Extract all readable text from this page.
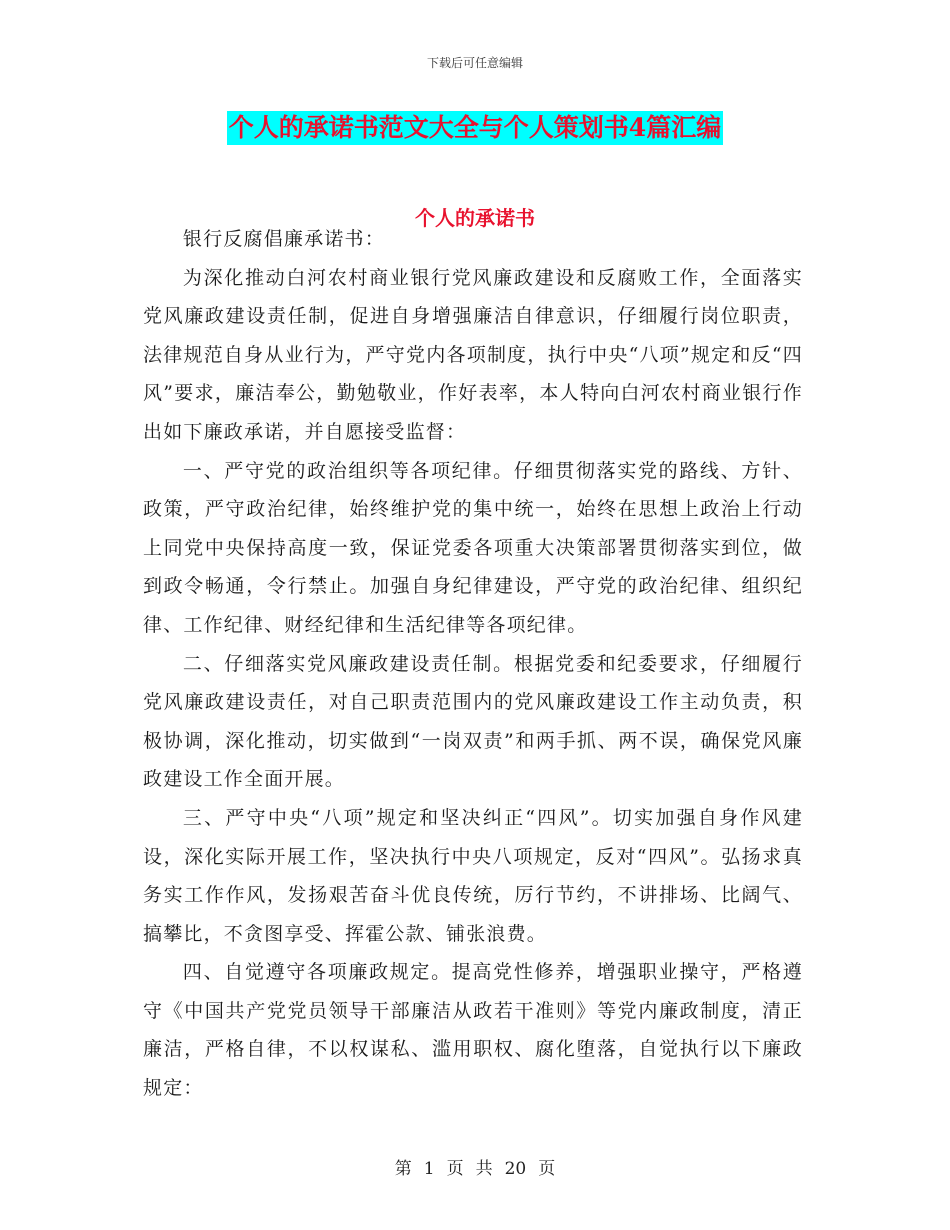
下载后可任意编辑
个人的承诺书范文大全与个人策划书4篇汇编
个人的承诺书

银行反腐倡廉承诺书：

为深化推动白河农村商业银行党风廉政建设和反腐败工作，全面落实党风廉政建设责任制，促进自身增强廉洁自律意识，仔细履行岗位职责，法律规范自身从业行为，严守党内各项制度，执行中央“八项”规定和反“四风”要求，廉洁奉公，勤勉敬业，作好表率，本人特向白河农村商业银行作出如下廉政承诺，并自愿接受监督：

一、严守党的政治组织等各项纪律。仔细贯彻落实党的路线、方针、政策，严守政治纪律，始终维护党的集中统一，始终在思想上政治上行动上同党中央保持高度一致，保证党委各项重大决策部署贯彻落实到位，做到政令畅通，令行禁止。加强自身纪律建设，严守党的政治纪律、组织纪律、工作纪律、财经纪律和生活纪律等各项纪律。

二、仔细落实党风廉政建设责任制。根据党委和纪委要求，仔细履行党风廉政建设责任，对自己职责范围内的党风廉政建设工作主动负责，积极协调，深化推动，切实做到“一岗双责”和两手抓、两不误，确保党风廉政建设工作全面开展。

三、严守中央“八项”规定和坚决纠正“四风”。切实加强自身作风建设，深化实际开展工作，坚决执行中央八项规定，反对“四风”。弘扬求真务实工作作风，发扬艰苦奋斗优良传统，厉行节约，不讲排场、比阔气、搞攀比，不贪图享受、挥霍公款、铺张浪费。

四、自觉遵守各项廉政规定。提高党性修养，增强职业操守，严格遵守《中国共产党党员领导干部廉洁从政若干准则》等党内廉政制度，清正廉洁，严格自律，不以权谋私、滥用职权、腐化堕落，自觉执行以下廉政规定：

第 1 页 共 20 页
